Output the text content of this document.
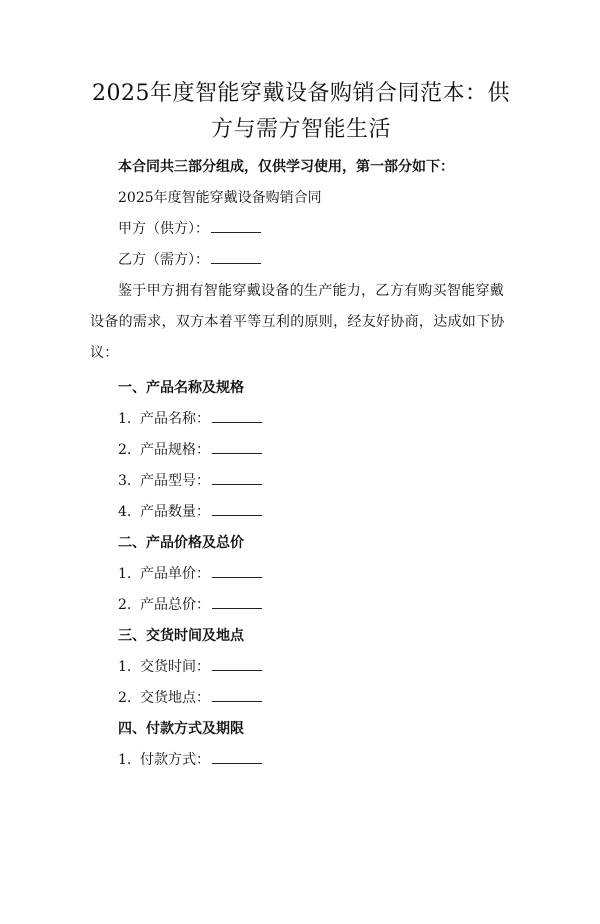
2025年度智能穿戴设备购销合同范本：供方与需方智能生活

本合同共三部分组成，仅供学习使用，第一部分如下：

2025年度智能穿戴设备购销合同

甲方（供方）：

乙方（需方）：

鉴于甲方拥有智能穿戴设备的生产能力，乙方有购买智能穿戴设备的需求，双方本着平等互利的原则，经友好协商，达成如下协议：

一、产品名称及规格

1. 产品名称：

2. 产品规格：

3. 产品型号：

4. 产品数量：

二、产品价格及总价

1. 产品单价：

2. 产品总价：

三、交货时间及地点

1. 交货时间：

2. 交货地点：

四、付款方式及期限

1. 付款方式：
